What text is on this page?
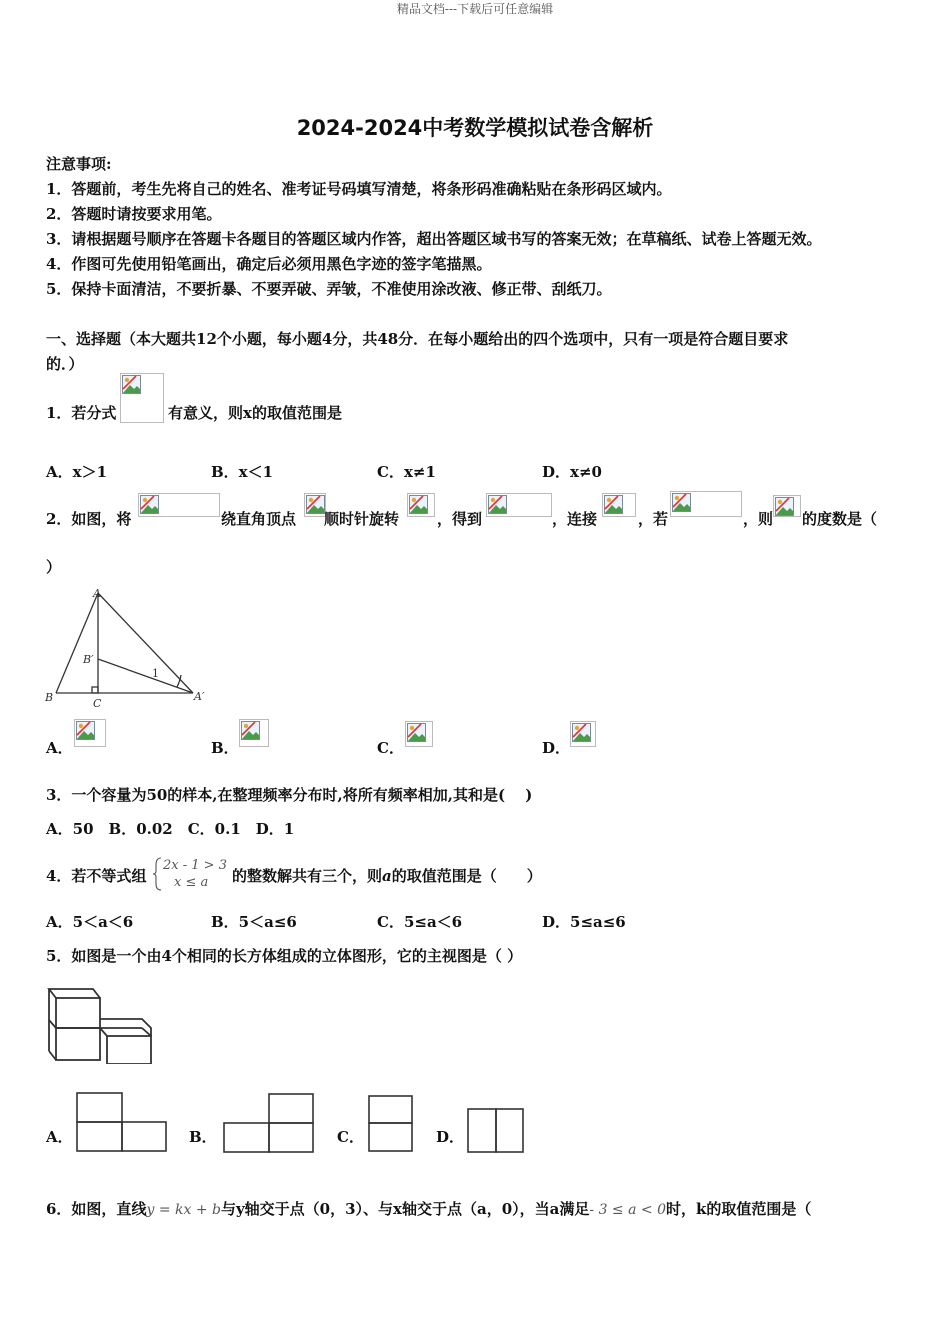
精品文档---下载后可任意编辑
2024-2024中考数学模拟试卷含解析
注意事项:
1．答题前，考生先将自己的姓名、准考证号码填写清楚，将条形码准确粘贴在条形码区域内。
2．答题时请按要求用笔。
3．请根据题号顺序在答题卡各题目的答题区域内作答，超出答题区域书写的答案无效；在草稿纸、试卷上答题无效。
4．作图可先使用铅笔画出，确定后必须用黑色字迹的签字笔描黑。
5．保持卡面清洁，不要折暴、不要弄破、弄皱，不准使用涂改液、修正带、刮纸刀。
一、选择题（本大题共12个小题，每小题4分，共48分．在每小题给出的四个选项中，只有一项是符合题目要求
的．）
1．若分式	有意义，则x的取值范围是
A．x＞1	B．x＜1	C．x≠1	D．x≠0
2．如图，将	绕直角顶点 顺时针旋转	，得到	，连接	，若	，则 的度数是（
）
A
B′
B	C
A′
1
A．	B．	C．	D．
3．一个容量为50的样本,在整理频率分布时,将所有频率相加,其和是(　 )
A．50　B．0.02　C．0.1　D．1
4．若不等式组
2x - 1 > 3
x ≤ a 的整数解共有三个，则a的取值范围是（　　）
A．5＜a＜6	B．5＜a≤6	C．5≤a＜6	D．5≤a≤6
5．如图是一个由4个相同的长方体组成的立体图形，它的主视图是（ ）
A．	B．	C．	D．
6．如图，直线y = kx + b与y轴交于点（0，3）、与x轴交于点（a，0），当a满足- 3 ≤ a < 0时，k的取值范围是（
